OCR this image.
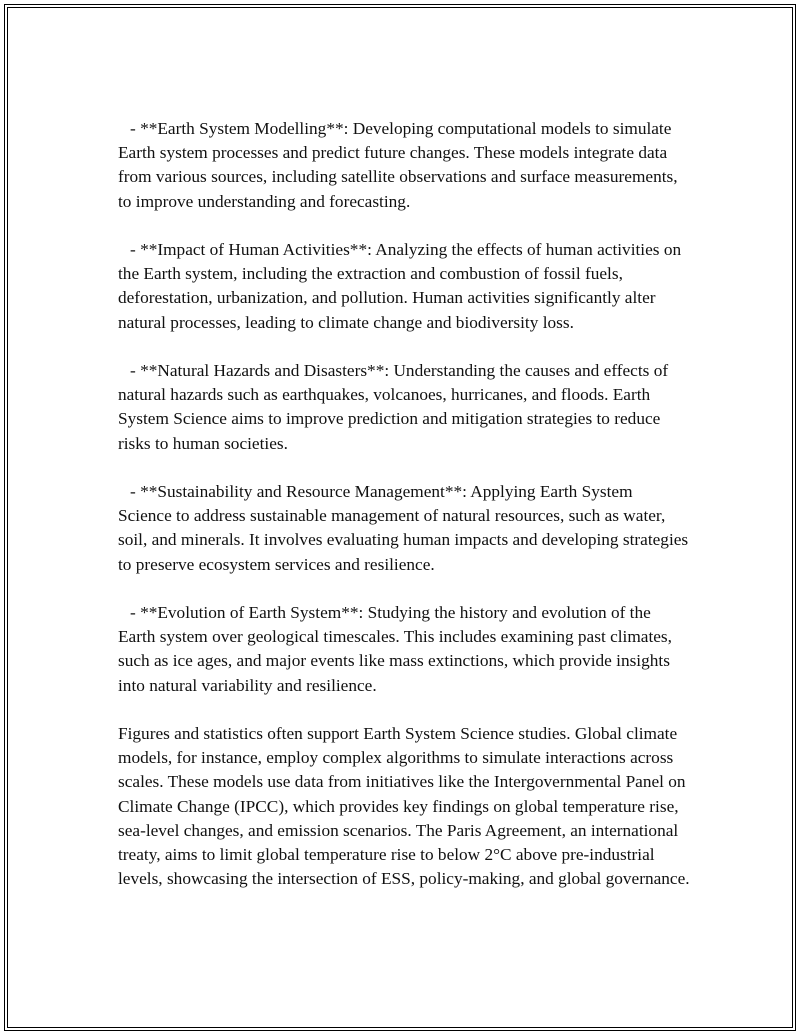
- **Earth System Modelling**: Developing computational models to simulate Earth system processes and predict future changes. These models integrate data from various sources, including satellite observations and surface measurements, to improve understanding and forecasting.

- **Impact of Human Activities**: Analyzing the effects of human activities on the Earth system, including the extraction and combustion of fossil fuels, deforestation, urbanization, and pollution. Human activities significantly alter natural processes, leading to climate change and biodiversity loss.

- **Natural Hazards and Disasters**: Understanding the causes and effects of natural hazards such as earthquakes, volcanoes, hurricanes, and floods. Earth System Science aims to improve prediction and mitigation strategies to reduce risks to human societies.

- **Sustainability and Resource Management**: Applying Earth System Science to address sustainable management of natural resources, such as water, soil, and minerals. It involves evaluating human impacts and developing strategies to preserve ecosystem services and resilience.

- **Evolution of Earth System**: Studying the history and evolution of the Earth system over geological timescales. This includes examining past climates, such as ice ages, and major events like mass extinctions, which provide insights into natural variability and resilience.

Figures and statistics often support Earth System Science studies. Global climate models, for instance, employ complex algorithms to simulate interactions across scales. These models use data from initiatives like the Intergovernmental Panel on Climate Change (IPCC), which provides key findings on global temperature rise, sea-level changes, and emission scenarios. The Paris Agreement, an international treaty, aims to limit global temperature rise to below 2°C above pre-industrial levels, showcasing the intersection of ESS, policy-making, and global governance.
